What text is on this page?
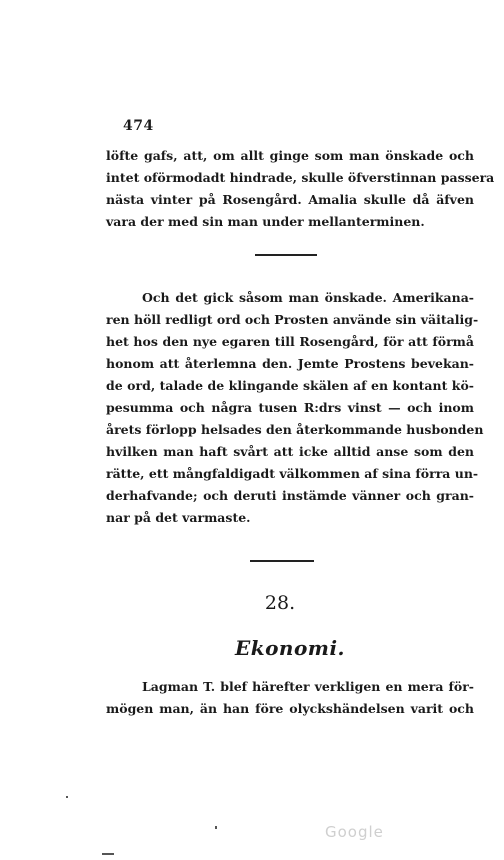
474
löfte gafs, att, om allt ginge som man önskade och
intet oförmodadt hindrade, skulle öfverstinnan passera
nästa vinter på Rosengård. Amalia skulle då äfven
vara der med sin man under mellanterminen.
Och det gick såsom man önskade. Amerikana-
ren höll redligt ord och Prosten använde sin väitalig-
het hos den nye egaren till Rosengård, för att förmå
honom att återlemna den. Jemte Prostens bevekan-
de ord, talade de klingande skälen af en kontant kö-
pesumma och några tusen R:drs vinst — och inom
årets förlopp helsades den återkommande husbonden
hvilken man haft svårt att icke alltid anse som den
rätte, ett mångfaldigadt välkommen af sina förra un-
derhafvande; och deruti instämde vänner och gran-
nar på det varmaste.
28.
Ekonomi.
Lagman T. blef härefter verkligen en mera för-
mögen man, än han före olyckshändelsen varit och
Google
